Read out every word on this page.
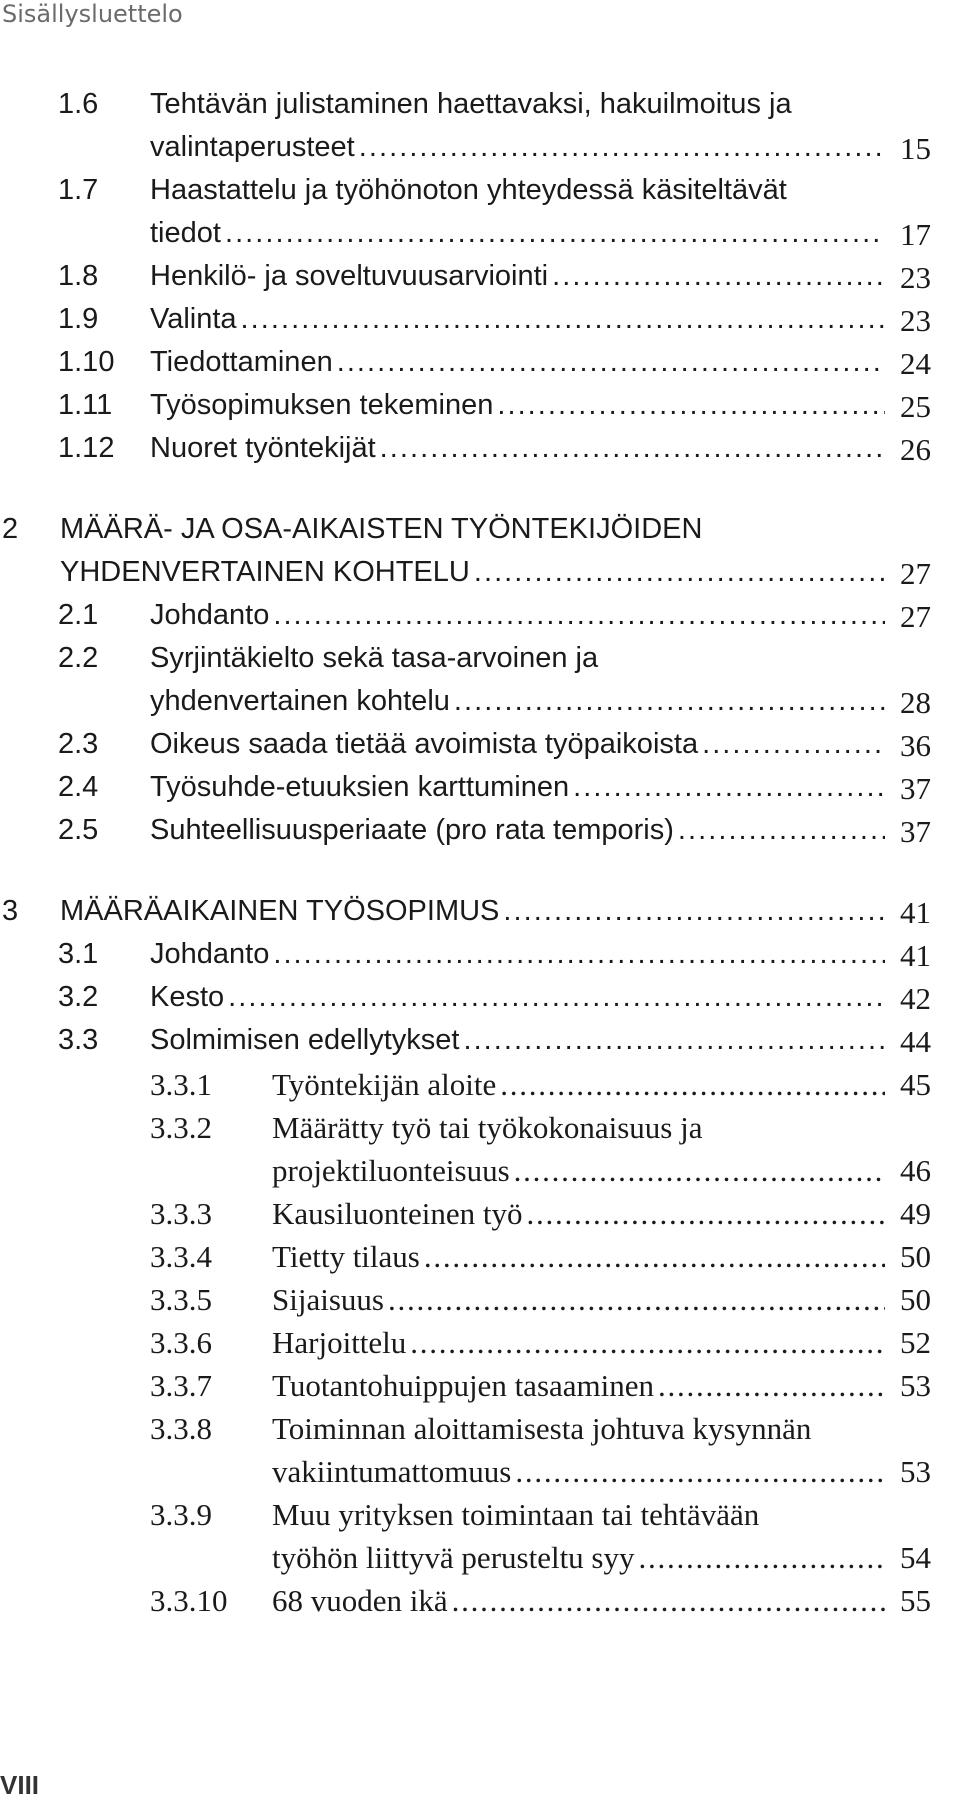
Sisällysluettelo
1.6 Tehtävän julistaminen haettavaksi, hakuilmoitus ja
valintaperusteet . . .	15
1.7 Haastattelu ja työhönoton yhteydessä käsiteltävät
tiedot . . .	17
1.8 Henkilö- ja soveltuvuusarviointi . . .	23
1.9 Valinta . . .	23
1.10 Tiedottaminen . . .	24
1.11 Työsopimuksen tekeminen . . .	25
1.12 Nuoret työntekijät . . .	26
2 MÄÄRÄ- JA OSA-AIKAISTEN TYÖNTEKIJÖIDEN
YHDENVERTAINEN KOHTELU . . .	27
2.1 Johdanto . . .	27
2.2 Syrjintäkielto sekä tasa-arvoinen ja
yhdenvertainen kohtelu . . .	28
2.3 Oikeus saada tietää avoimista työpaikoista . . .	36
2.4 Työsuhde-etuuksien karttuminen . . .	37
2.5 Suhteellisuusperiaate (pro rata temporis) . . .	37
3 MÄÄRÄAIKAINEN TYÖSOPIMUS . . .	41
3.1 Johdanto . . .	41
3.2 Kesto . . .	42
3.3 Solmimisen edellytykset . . .	44
3.3.1 Työntekijän aloite . . .	45
3.3.2 Määrätty työ tai työkokonaisuus ja
projektiluonteisuus . . .	46
3.3.3 Kausiluonteinen työ . . .	49
3.3.4 Tietty tilaus . . .	50
3.3.5 Sijaisuus . . .	50
3.3.6 Harjoittelu . . .	52
3.3.7 Tuotantohuippujen tasaaminen . . .	53
3.3.8 Toiminnan aloittamisesta johtuva kysynnän
vakiintumattomuus . . .	53
3.3.9 Muu yrityksen toimintaan tai tehtävään
työhön liittyvä perusteltu syy . . .	54
3.3.10 68 vuoden ikä . . .	55
VIII
